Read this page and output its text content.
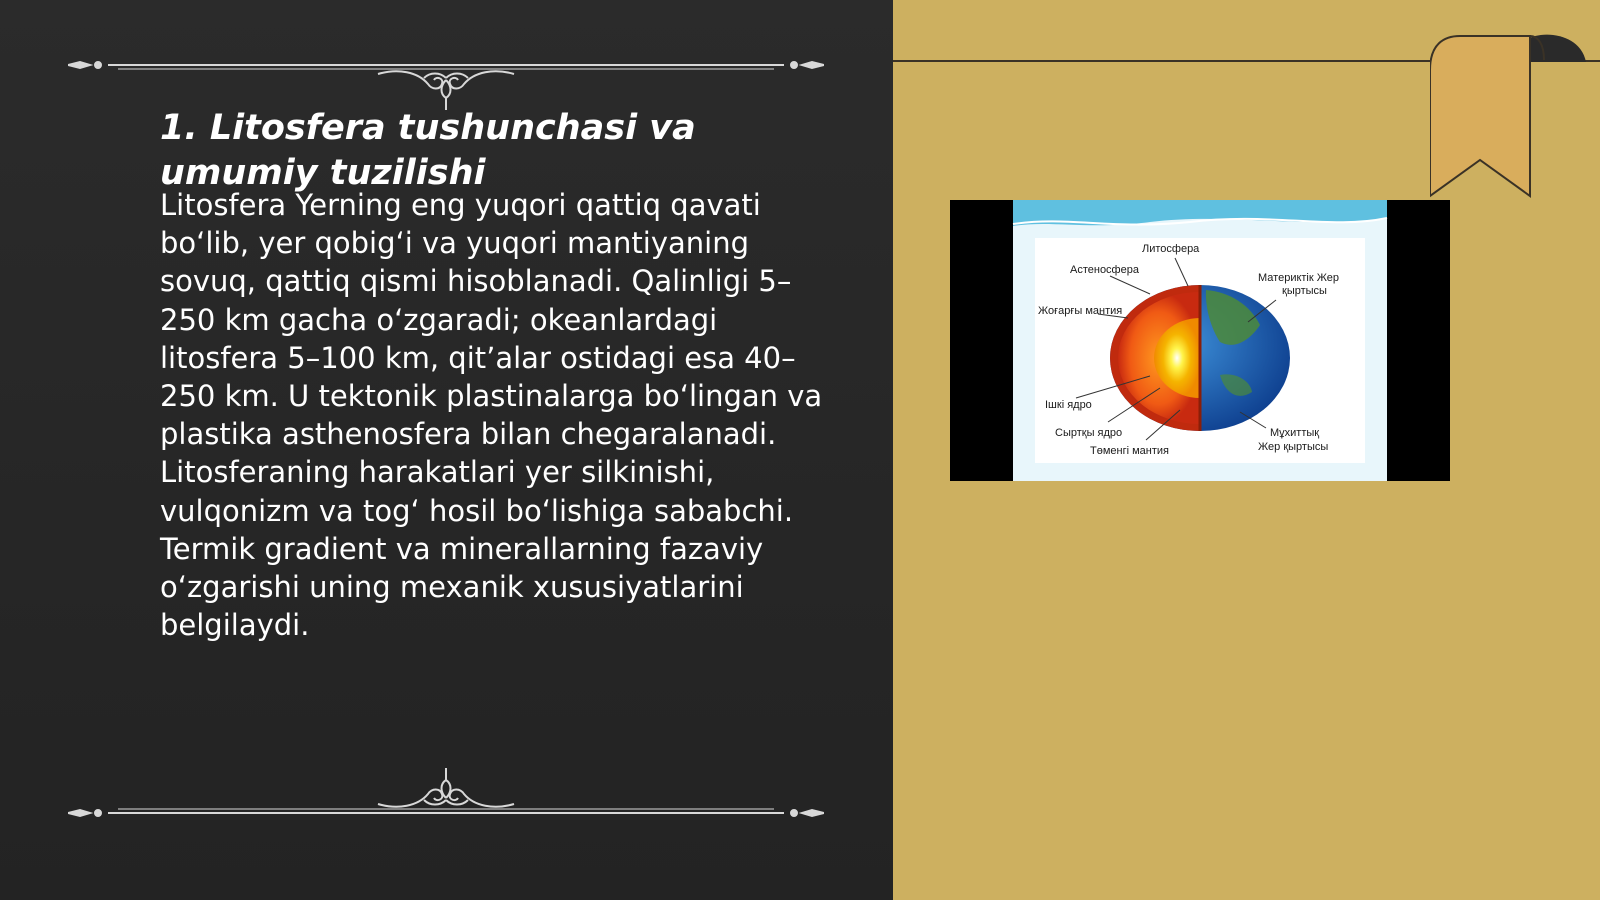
1. Litosfera tushunchasi va umumiy tuzilishi

Litosfera Yerning eng yuqori qattiq qavati bo‘lib, yer qobig‘i va yuqori mantiyaning sovuq, qattiq qismi hisoblanadi. Qalinligi 5–250 km gacha o‘zgaradi; okeanlardagi litosfera 5–100 km, qit’alar ostidagi esa 40–250 km. U tektonik plastinalarga bo‘lingan va plastika asthenosfera bilan chegaralanadi. Litosferaning harakatlari yer silkinishi, vulqonizm va tog‘ hosil bo‘lishiga sababchi. Termik gradient va minerallarning fazaviy o‘zgarishi uning mexanik xususiyatlarini belgilaydi.

Литосфера
Астеносфера
Жоғарғы мантия
Материктік Жер
қыртысы
Ішкі ядро
Сыртқы ядро
Төменгі мантия
Мұхиттық
Жер қыртысы
